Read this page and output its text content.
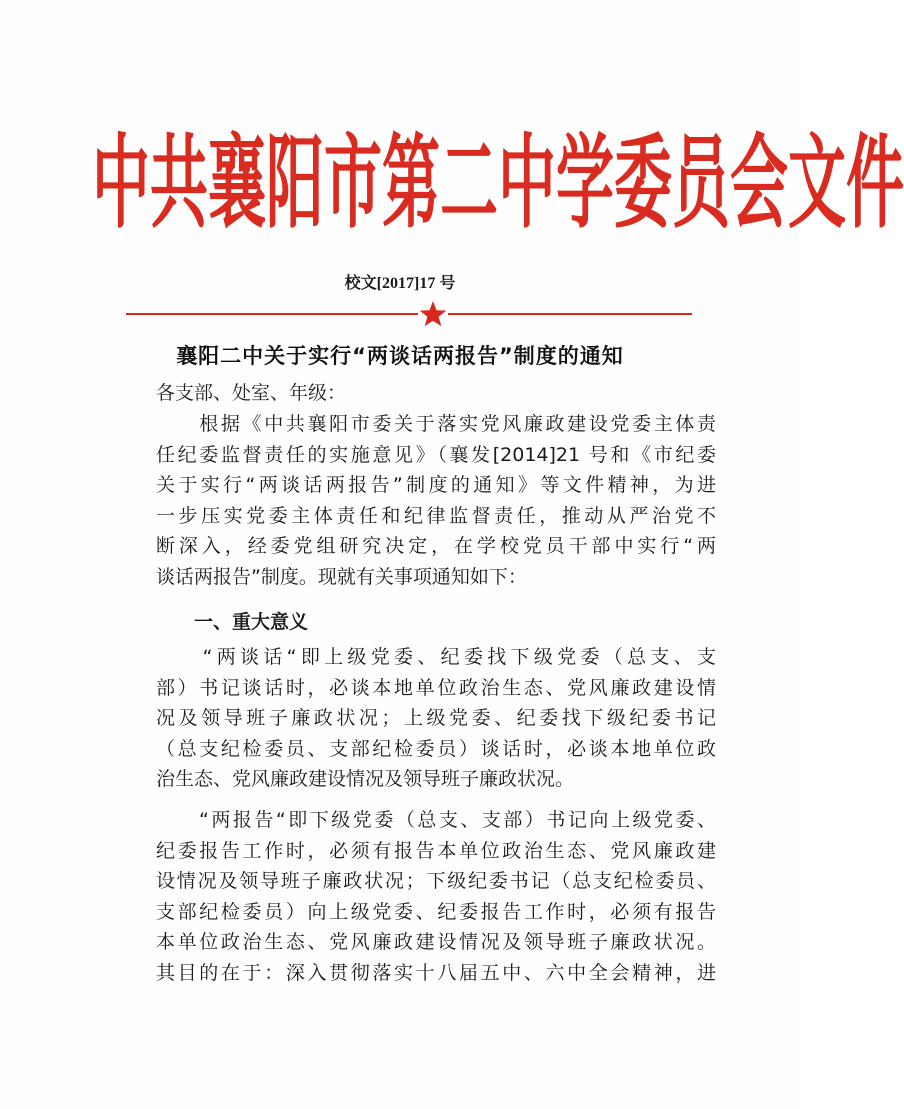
中共襄阳市第二中学委员会文件
校文[2017]17 号
襄阳二中关于实行“两谈话两报告”制度的通知
各支部、处室、年级：
　　根据《中共襄阳市委关于落实党风廉政建设党委主体责
任纪委监督责任的实施意见》（襄发[2014]21 号和《市纪委
关于实行“两谈话两报告”制度的通知》等文件精神，为进
一步压实党委主体责任和纪律监督责任，推动从严治党不
断深入，经委党组研究决定，在学校党员干部中实行“两
谈话两报告”制度。现就有关事项通知如下：
　　一、重大意义
　　“两谈话“即上级党委、纪委找下级党委（总支、支
部）书记谈话时，必谈本地单位政治生态、党风廉政建设情
况及领导班子廉政状况；上级党委、纪委找下级纪委书记
（总支纪检委员、支部纪检委员）谈话时，必谈本地单位政
治生态、党风廉政建设情况及领导班子廉政状况。
　　“两报告“即下级党委（总支、支部）书记向上级党委、
纪委报告工作时，必须有报告本单位政治生态、党风廉政建
设情况及领导班子廉政状况；下级纪委书记（总支纪检委员、
支部纪检委员）向上级党委、纪委报告工作时，必须有报告
本单位政治生态、党风廉政建设情况及领导班子廉政状况。
其目的在于：深入贯彻落实十八届五中、六中全会精神，进
